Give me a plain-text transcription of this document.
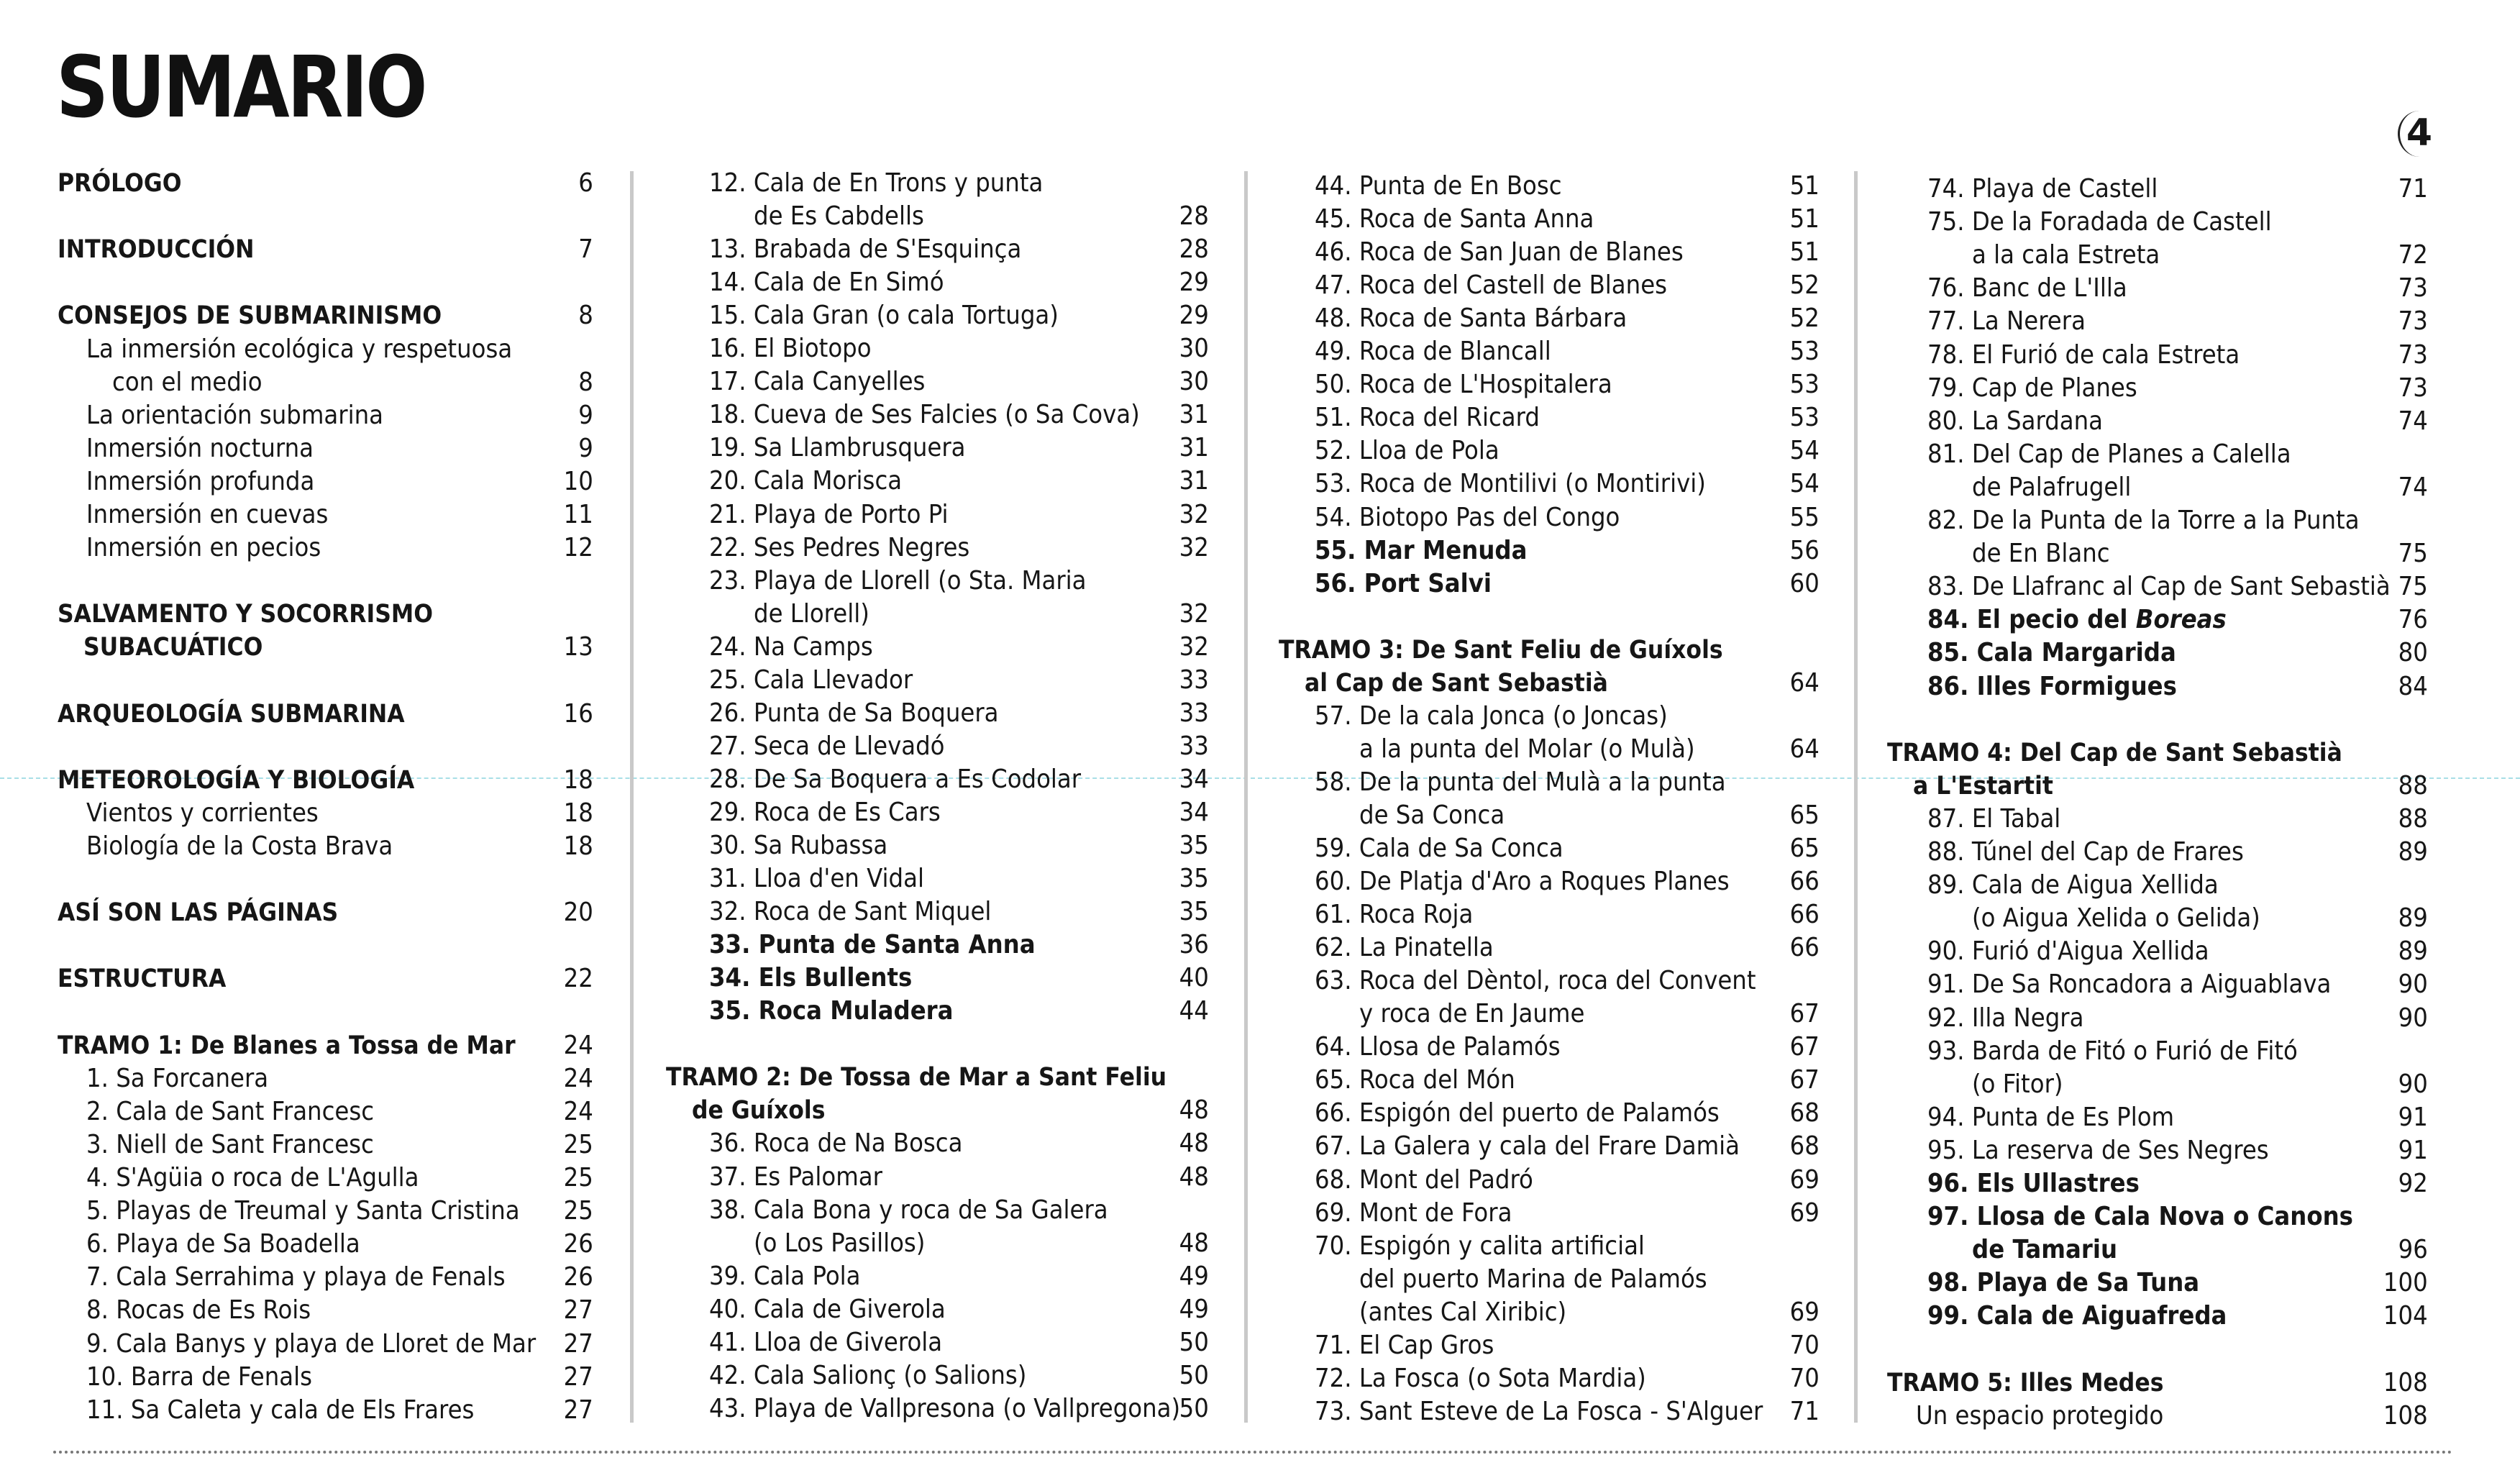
SUMARIO	4
PRÓLOGO	6
INTRODUCCIÓN	7
CONSEJOS DE SUBMARINISMO	8
La inmersión ecológica y respetuosa
con el medio	8
La orientación submarina	9
Inmersión nocturna	9
Inmersión profunda	10
Inmersión en cuevas	11
Inmersión en pecios	12
SALVAMENTO Y SOCORRISMO
SUBACUÁTICO	13
ARQUEOLOGÍA SUBMARINA	16
METEOROLOGÍA Y BIOLOGÍA	18
Vientos y corrientes	18
Biología de la Costa Brava	18
ASÍ SON LAS PÁGINAS	20
ESTRUCTURA	22
TRAMO 1: De Blanes a Tossa de Mar 24
1. Sa Forcanera	24
2. Cala de Sant Francesc	24
3. Niell de Sant Francesc	25
4. S'Agüia o roca de L'Agulla	25
5. Playas de Treumal y Santa Cristina 25
6. Playa de Sa Boadella	26
7. Cala Serrahima y playa de Fenals 26
8. Rocas de Es Rois	27
9. Cala Banys y playa de Lloret de Mar 27
10. Barra de Fenals	27
11. Sa Caleta y cala de Els Frares	27
12. Cala de En Trons y punta
de Es Cabdells	28
13. Brabada de S'Esquinça	28
14. Cala de En Simó	29
15. Cala Gran (o cala Tortuga)	29
16. El Biotopo	30
17. Cala Canyelles	30
18. Cueva de Ses Falcies (o Sa Cova) 31
19. Sa Llambrusquera	31
20. Cala Morisca	31
21. Playa de Porto Pi	32
22. Ses Pedres Negres	32
23. Playa de Llorell (o Sta. Maria
de Llorell)	32
24. Na Camps	32
25. Cala Llevador	33
26. Punta de Sa Boquera	33
27. Seca de Llevadó	33
28. De Sa Boquera a Es Codolar	34
29. Roca de Es Cars	34
30. Sa Rubassa	35
31. Lloa d'en Vidal	35
32. Roca de Sant Miquel	35
33. Punta de Santa Anna	36
34. Els Bullents	40
35. Roca Muladera	44
TRAMO 2: De Tossa de Mar a Sant Feliu
de Guíxols	48
36. Roca de Na Bosca	48
37. Es Palomar	48
38. Cala Bona y roca de Sa Galera
(o Los Pasillos)	48
39. Cala Pola	49
40. Cala de Giverola	49
41. Lloa de Giverola	50
42. Cala Salionç (o Salions)	50
43. Playa de Vallpresona (o Vallpregona)
50
44. Punta de En Bosc	51
45. Roca de Santa Anna	51
46. Roca de San Juan de Blanes	51
47. Roca del Castell de Blanes	52
48. Roca de Santa Bárbara	52
49. Roca de Blancall	53
50. Roca de L'Hospitalera	53
51. Roca del Ricard	53
52. Lloa de Pola	54
53. Roca de Montilivi (o Montirivi)	54
54. Biotopo Pas del Congo	55
55. Mar Menuda	56
56. Port Salvi	60
TRAMO 3: De Sant Feliu de Guíxols
al Cap de Sant Sebastià	64
57. De la cala Jonca (o Joncas)
a la punta del Molar (o Mulà)	64
58. De la punta del Mulà a la punta
de Sa Conca	65
59. Cala de Sa Conca	65
60. De Platja d'Aro a Roques Planes 66
61. Roca Roja	66
62. La Pinatella	66
63. Roca del Dèntol, roca del Convent
y roca de En Jaume	67
64. Llosa de Palamós	67
65. Roca del Món	67
66. Espigón del puerto de Palamós	68
67. La Galera y cala del Frare Damià 68
68. Mont del Padró	69
69. Mont de Fora	69
70. Espigón y calita artificial
del puerto Marina de Palamós
(antes Cal Xiribic)	69
71. El Cap Gros	70
72. La Fosca (o Sota Mardia)	70
73. Sant Esteve de La Fosca - S'Alguer 71
74. Playa de Castell	71
75. De la Foradada de Castell
a la cala Estreta	72
76. Banc de L'Illa	73
77. La Nerera	73
78. El Furió de cala Estreta	73
79. Cap de Planes	73
80. La Sardana	74
81. Del Cap de Planes a Calella
de Palafrugell	74
82. De la Punta de la Torre a la Punta
de En Blanc	75
83. De Llafranc al Cap de Sant Sebastià 75
84. El pecio del Boreas	76
85. Cala Margarida	80
86. Illes Formigues	84
TRAMO 4: Del Cap de Sant Sebastià
a L'Estartit	88
87. El Tabal	88
88. Túnel del Cap de Frares	89
89. Cala de Aigua Xellida
(o Aigua Xelida o Gelida)	89
90. Furió d'Aigua Xellida	89
91. De Sa Roncadora a Aiguablava	90
92. Illa Negra	90
93. Barda de Fitó o Furió de Fitó
(o Fitor)	90
94. Punta de Es Plom	91
95. La reserva de Ses Negres	91
96. Els Ullastres	92
97. Llosa de Cala Nova o Canons
de Tamariu	96
98. Playa de Sa Tuna	100
99. Cala de Aiguafreda	104
TRAMO 5: Illes Medes	108
Un espacio protegido	108
